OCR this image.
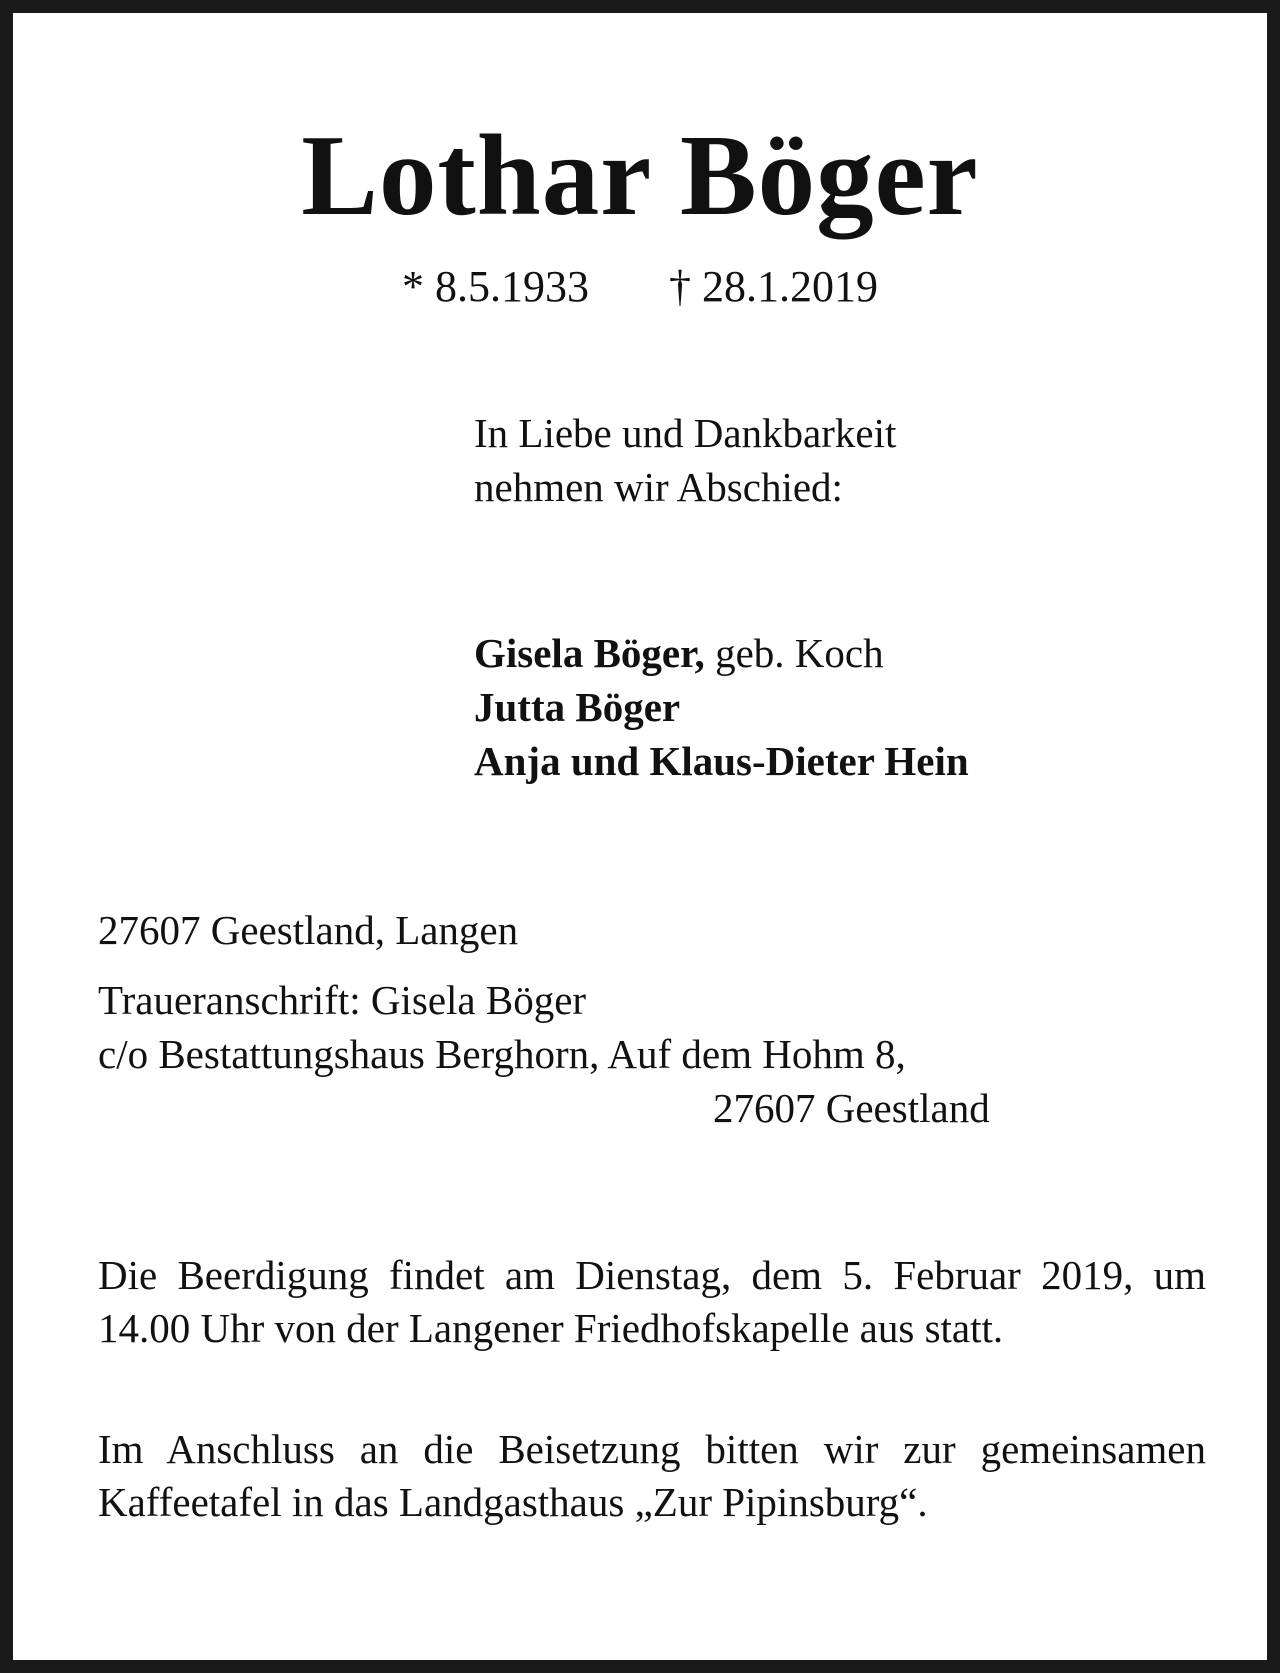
Lothar Böger
* 8.5.1933 † 28.1.2019
In Liebe und Dankbarkeit
nehmen wir Abschied:
Gisela Böger, geb. Koch
Jutta Böger
Anja und Klaus-Dieter Hein
27607 Geestland, Langen
Traueranschrift: Gisela Böger
c/o Bestattungshaus Berghorn, Auf dem Hohm 8,
27607 Geestland
Die Beerdigung findet am Dienstag, dem 5. Februar 2019, um 14.00 Uhr von der Langener Friedhofskapelle aus statt.
Im Anschluss an die Beisetzung bitten wir zur gemeinsamen Kaffeetafel in das Landgasthaus „Zur Pipinsburg“.
